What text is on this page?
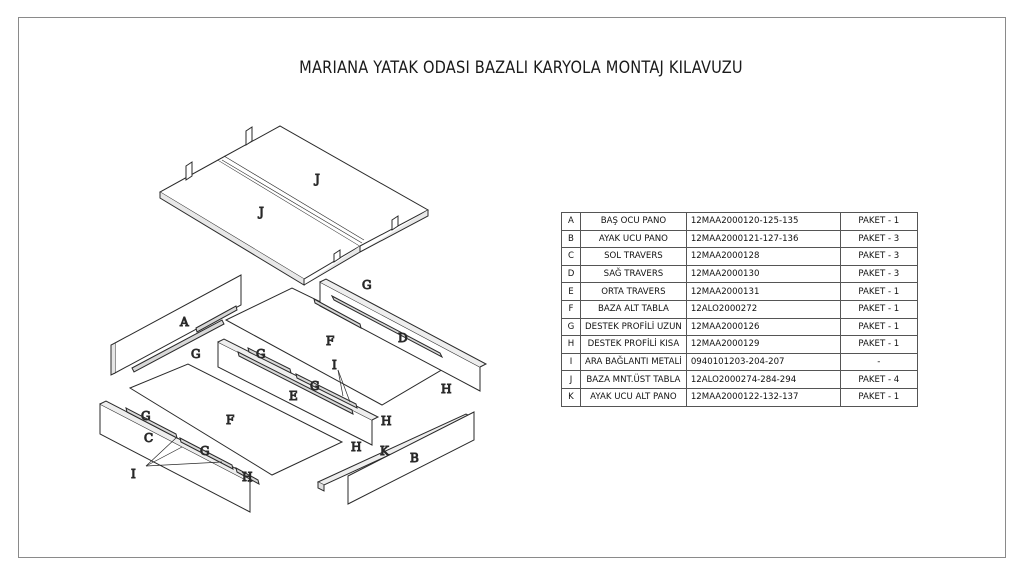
MARIANA YATAK ODASI BAZALI KARYOLA MONTAJ KILAVUZU
A
B
C
D
E
F
F
G
G	G
G
G
G
H
H
H
H
I
I
J
J
K
A	BAŞ OCU PANO	12MAA2000120-125-135	PAKET - 1
B	AYAK UCU PANO	12MAA2000121-127-136	PAKET - 3
C	SOL TRAVERS	12MAA2000128	PAKET - 3
D	SAĞ TRAVERS	12MAA2000130	PAKET - 3
E	ORTA TRAVERS	12MAA2000131	PAKET - 1
F	BAZA ALT TABLA	12ALO2000272	PAKET - 1
G	DESTEK PROFİLİ UZUN	12MAA2000126	PAKET - 1
H	DESTEK PROFİLİ KISA	12MAA2000129	PAKET - 1
I	ARA BAĞLANTI METALİ	0940101203-204-207	-
J	BAZA MNT.ÜST TABLA	12ALO2000274-284-294	PAKET - 4
K	AYAK UCU ALT PANO	12MAA2000122-132-137	PAKET - 1
